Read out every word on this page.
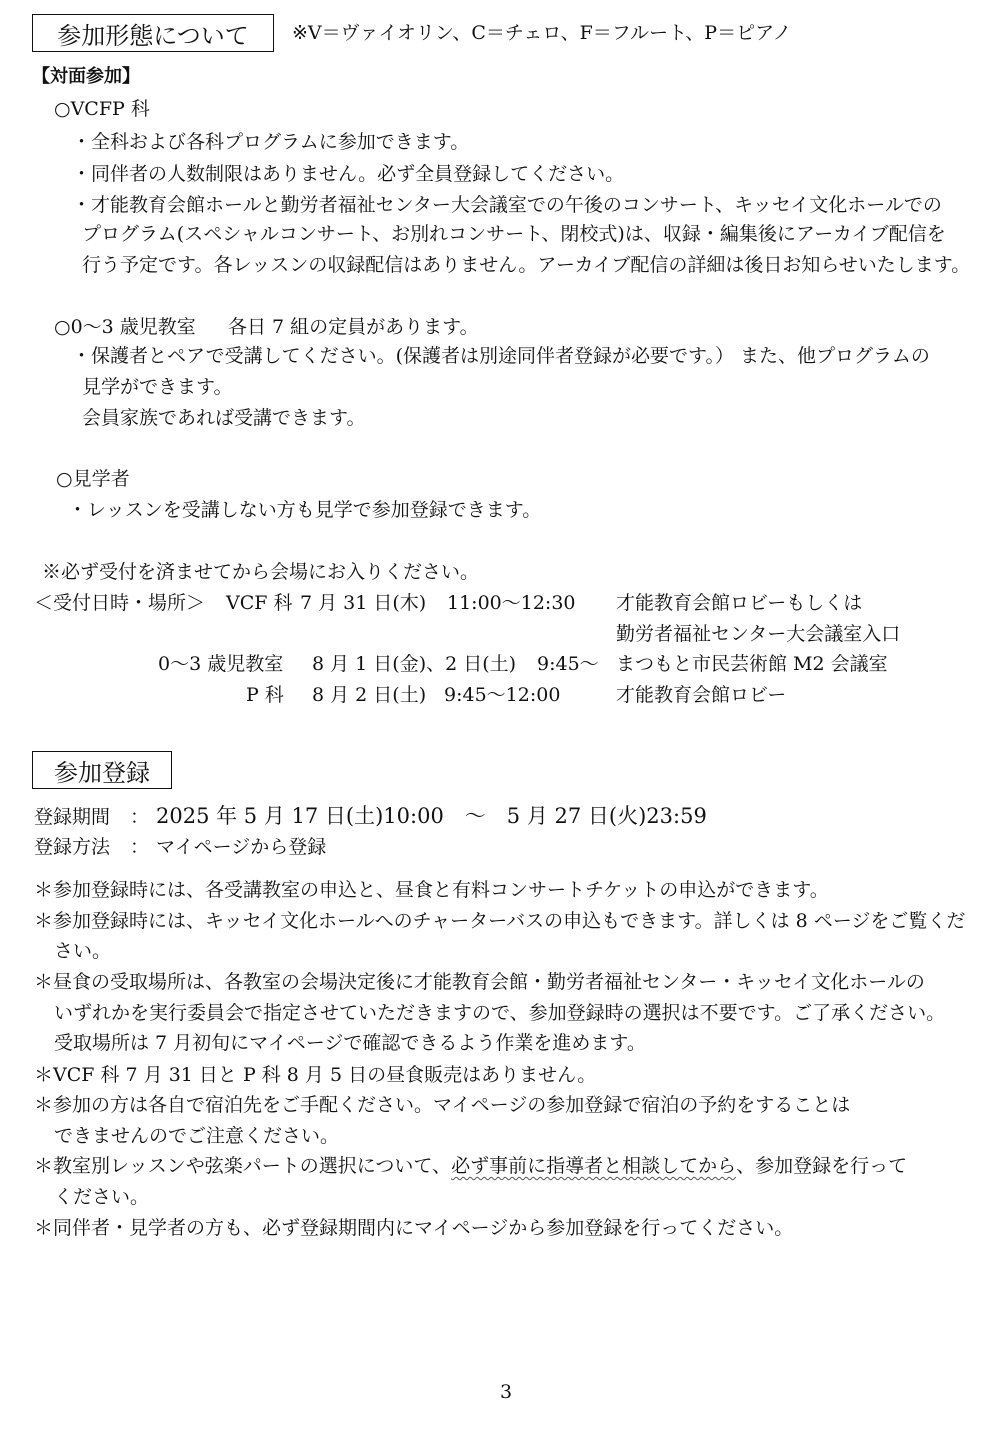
参加形態について	※V＝ヴァイオリン、C＝チェロ、F＝フルート、P＝ピアノ
【対面参加】
○VCFP 科
・全科および各科プログラムに参加できます。
・同伴者の人数制限はありません。必ず全員登録してください。
・才能教育会館ホールと勤労者福祉センター大会議室での午後のコンサート、キッセイ文化ホールでの
プログラム(スペシャルコンサート、お別れコンサート、閉校式)は、収録・編集後にアーカイブ配信を
行う予定です。各レッスンの収録配信はありません。アーカイブ配信の詳細は後日お知らせいたします。
○0～3 歳児教室 各日 7 組の定員があります。
・保護者とペアで受講してください。(保護者は別途同伴者登録が必要です。） また、他プログラムの
見学ができます。
会員家族であれば受講できます。
○見学者
・レッスンを受講しない方も見学で参加登録できます。
※必ず受付を済ませてから会場にお入りください。
＜受付日時・場所＞ VCF 科 7 月 31 日(木) 11:00～12:30 才能教育会館ロビーもしくは
勤労者福祉センター大会議室入口
0～3 歳児教室 8 月 1 日(金)、2 日(土) 9:45～ まつもと市民芸術館 M2 会議室
P 科 8 月 2 日(土) 9:45～12:00	才能教育会館ロビー
参加登録
登録期間 ： 2025 年 5 月 17 日(土)10:00　～　5 月 27 日(火)23:59
登録方法 ： マイページから登録
＊参加登録時には、各受講教室の申込と、昼食と有料コンサートチケットの申込ができます。
＊参加登録時には、キッセイ文化ホールへのチャーターバスの申込もできます。詳しくは 8 ページをご覧くだ
さい。
＊昼食の受取場所は、各教室の会場決定後に才能教育会館・勤労者福祉センター・キッセイ文化ホールの
いずれかを実行委員会で指定させていただきますので、参加登録時の選択は不要です。ご了承ください。
受取場所は 7 月初旬にマイページで確認できるよう作業を進めます。
＊VCF 科 7 月 31 日と P 科 8 月 5 日の昼食販売はありません。
＊参加の方は各自で宿泊先をご手配ください。マイページの参加登録で宿泊の予約をすることは
できませんのでご注意ください。
＊教室別レッスンや弦楽パートの選択について、必ず事前に指導者と相談してから、参加登録を行って
ください。
＊同伴者・見学者の方も、必ず登録期間内にマイページから参加登録を行ってください。
3
